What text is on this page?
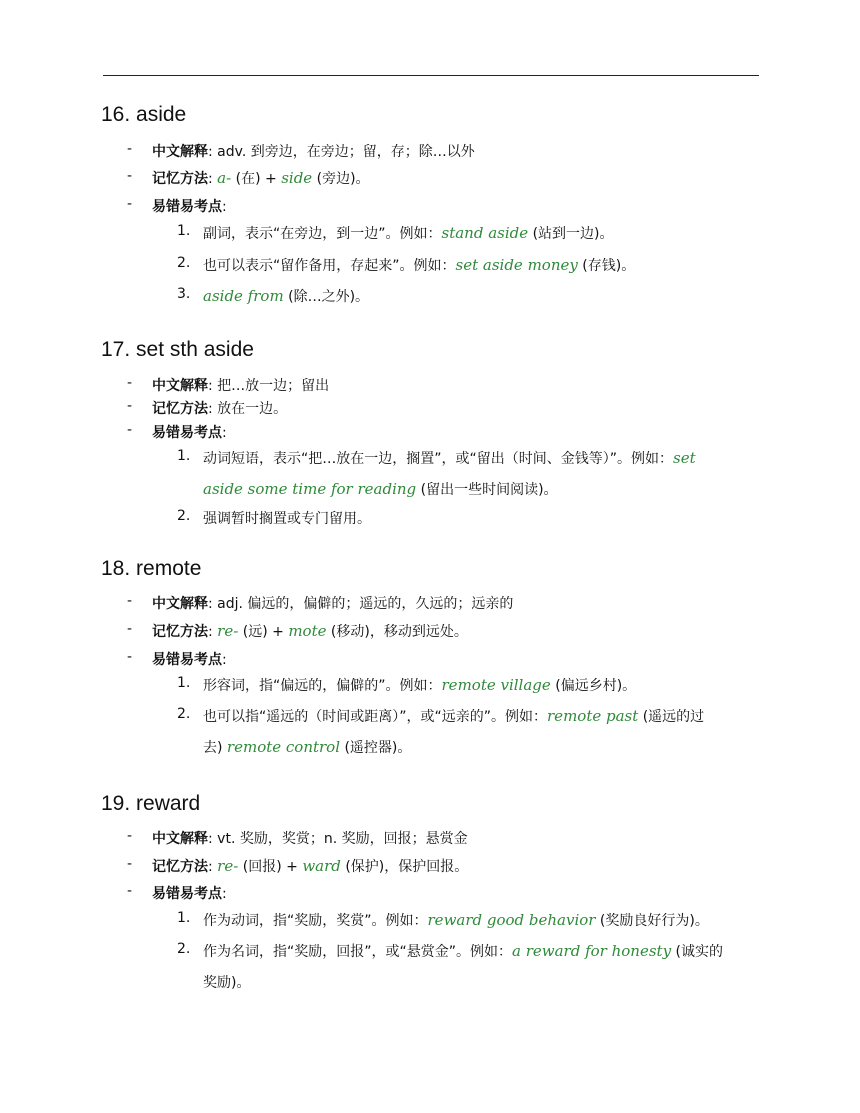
16. aside
- 中文解释: adv. 到旁边，在旁边；留，存；除…以外
- 记忆方法: a- (在) + side (旁边)。
- 易错易考点:
1. 副词，表示“在旁边，到一边”。例如：stand aside (站到一边)。
2. 也可以表示“留作备用，存起来”。例如：set aside money (存钱)。
3. aside from (除…之外)。
17. set sth aside
- 中文解释: 把…放一边；留出
- 记忆方法: 放在一边。
- 易错易考点:
1. 动词短语，表示“把…放在一边，搁置”，或“留出（时间、金钱等）”。例如：set
aside some time for reading (留出一些时间阅读)。
2. 强调暂时搁置或专门留用。
18. remote
- 中文解释: adj. 偏远的，偏僻的；遥远的，久远的；远亲的
- 记忆方法: re- (远) + mote (移动)，移动到远处。
- 易错易考点:
1. 形容词，指“偏远的，偏僻的”。例如：remote village (偏远乡村)。
2. 也可以指“遥远的（时间或距离）”，或“远亲的”。例如：remote past (遥远的过
去) remote control (遥控器)。
19. reward
- 中文解释: vt. 奖励，奖赏；n. 奖励，回报；悬赏金
- 记忆方法: re- (回报) + ward (保护)，保护回报。
- 易错易考点:
1. 作为动词，指“奖励，奖赏”。例如：reward good behavior (奖励良好行为)。
2. 作为名词，指“奖励，回报”，或“悬赏金”。例如：a reward for honesty (诚实的
奖励)。
